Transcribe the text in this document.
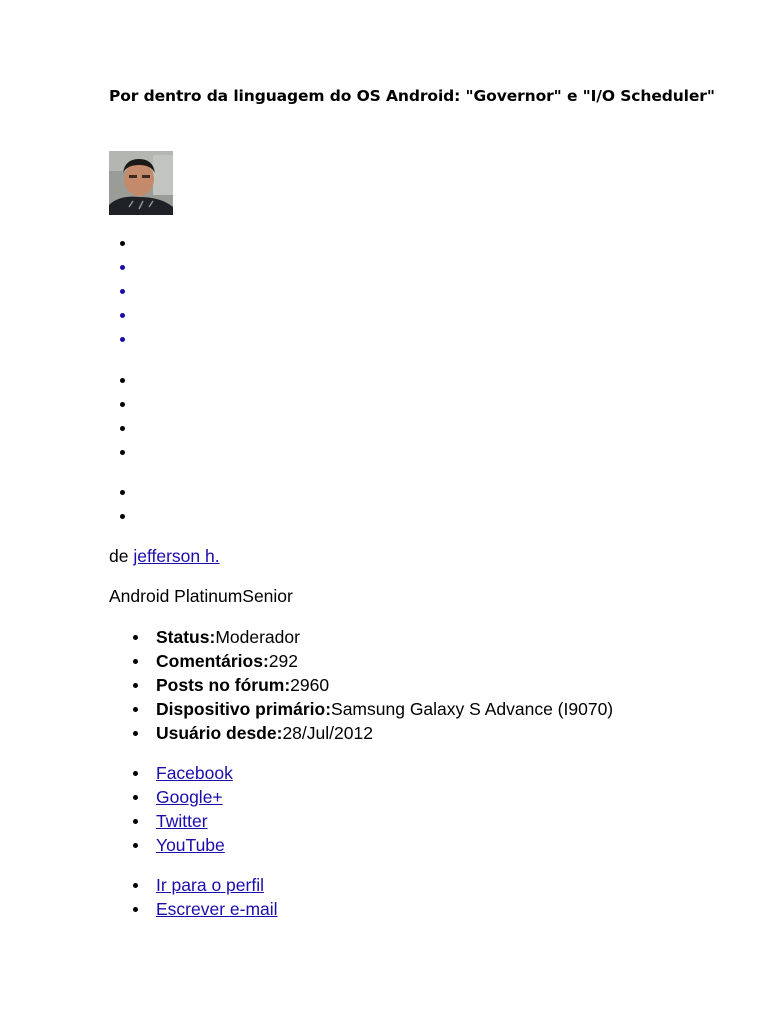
Por dentro da linguagem do OS Android: "Governor" e "I/O Scheduler"

de jefferson h.

Android PlatinumSenior

Status:Moderador
Comentários:292
Posts no fórum:2960
Dispositivo primário:Samsung Galaxy S Advance (I9070)
Usuário desde:28/Jul/2012
Facebook
Google+
Twitter
YouTube
Ir para o perfil
Escrever e-mail
